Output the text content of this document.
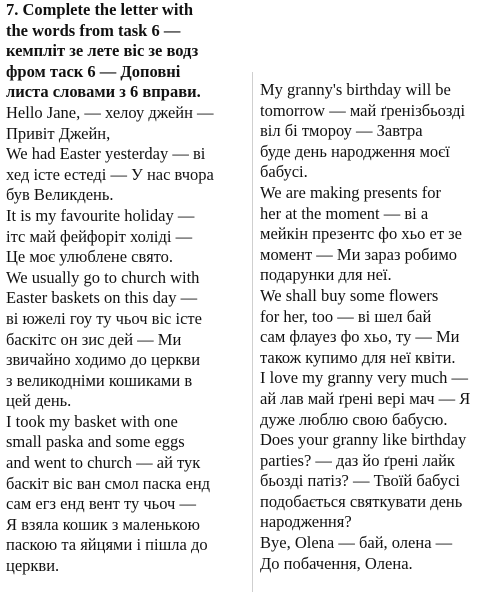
7. Complete the letter with
the words from task 6 —
кемпліт зе лете віс зе водз
фром таск 6 — Доповні
листа словами з 6 вправи.
Hello Jane, — хелоу джейн —
Привіт Джейн,
We had Easter yesterday — ві
хед істе естеді — У нас вчора
був Великдень.
It is my favourite holiday —
ітс май фейфоріт холіді —
Це моє улюблене свято.
We usually go to church with
Easter baskets on this day —
ві южелі гоу ту чьоч віс істе
баскітс он зис дей — Ми
звичайно ходимо до церкви
з великодніми кошиками в
цей день.
I took my basket with one
small paska and some eggs
and went to church — ай тук
баскіт віс ван смол паска енд
сам егз енд вент ту чьоч —
Я взяла кошик з маленькою
паскою та яйцями і пішла до
церкви.
My granny's birthday will be
tomorrow — май ґренізбьозді
віл бі тмороу — Завтра
буде день народження моєї
бабусі.
We are making presents for
her at the moment — ві а
мейкін презентс фо хьо ет зе
момент — Ми зараз робимо
подарунки для неї.
We shall buy some flowers
for her, too — ві шел бай
сам флауез фо хьо, ту — Ми
також купимо для неї квіти.
I love my granny very much —
ай лав май ґрені вері мач — Я
дуже люблю свою бабусю.
Does your granny like birthday
parties? — даз йо ґрені лайк
бьозді патіз? — Твоїй бабусі
подобається святкувати день
народження?
Bye, Olena — бай, олена —
До побачення, Олена.
